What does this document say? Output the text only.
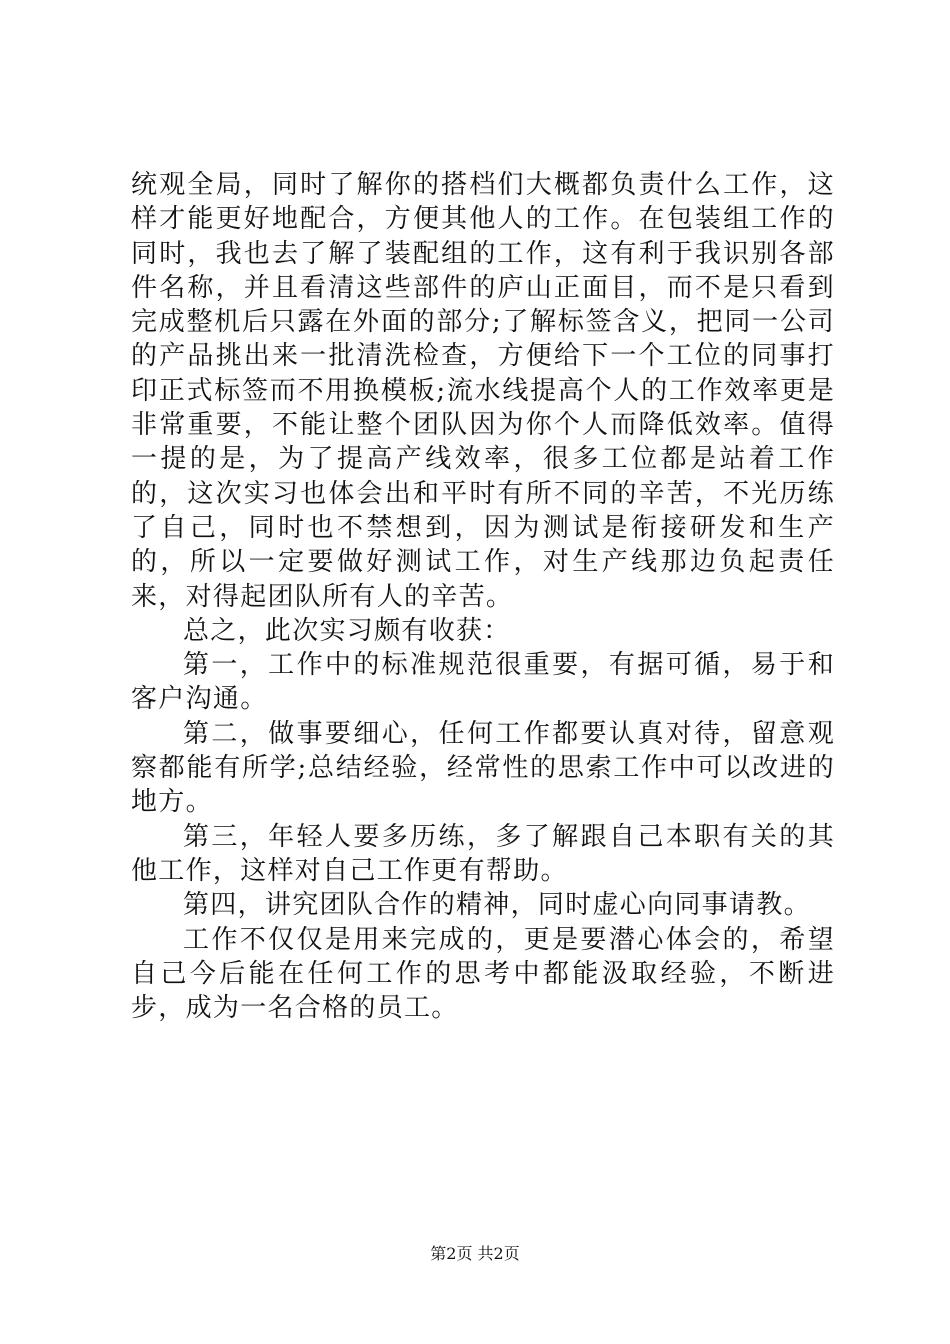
统观全局，同时了解你的搭档们大概都负责什么工作，这样才能更好地配合，方便其他人的工作。在包装组工作的同时，我也去了解了装配组的工作，这有利于我识别各部件名称，并且看清这些部件的庐山正面目，而不是只看到完成整机后只露在外面的部分;了解标签含义，把同一公司的产品挑出来一批清洗检查，方便给下一个工位的同事打印正式标签而不用换模板;流水线提高个人的工作效率更是非常重要，不能让整个团队因为你个人而降低效率。值得一提的是，为了提高产线效率，很多工位都是站着工作的，这次实习也体会出和平时有所不同的辛苦，不光历练了自己，同时也不禁想到，因为测试是衔接研发和生产的，所以一定要做好测试工作，对生产线那边负起责任来，对得起团队所有人的辛苦。

总之，此次实习颇有收获：

第一，工作中的标准规范很重要，有据可循，易于和客户沟通。

第二，做事要细心，任何工作都要认真对待，留意观察都能有所学;总结经验，经常性的思索工作中可以改进的地方。

第三，年轻人要多历练，多了解跟自己本职有关的其他工作，这样对自己工作更有帮助。

第四，讲究团队合作的精神，同时虚心向同事请教。

工作不仅仅是用来完成的，更是要潜心体会的，希望自己今后能在任何工作的思考中都能汲取经验，不断进步，成为一名合格的员工。

第2页 共2页
